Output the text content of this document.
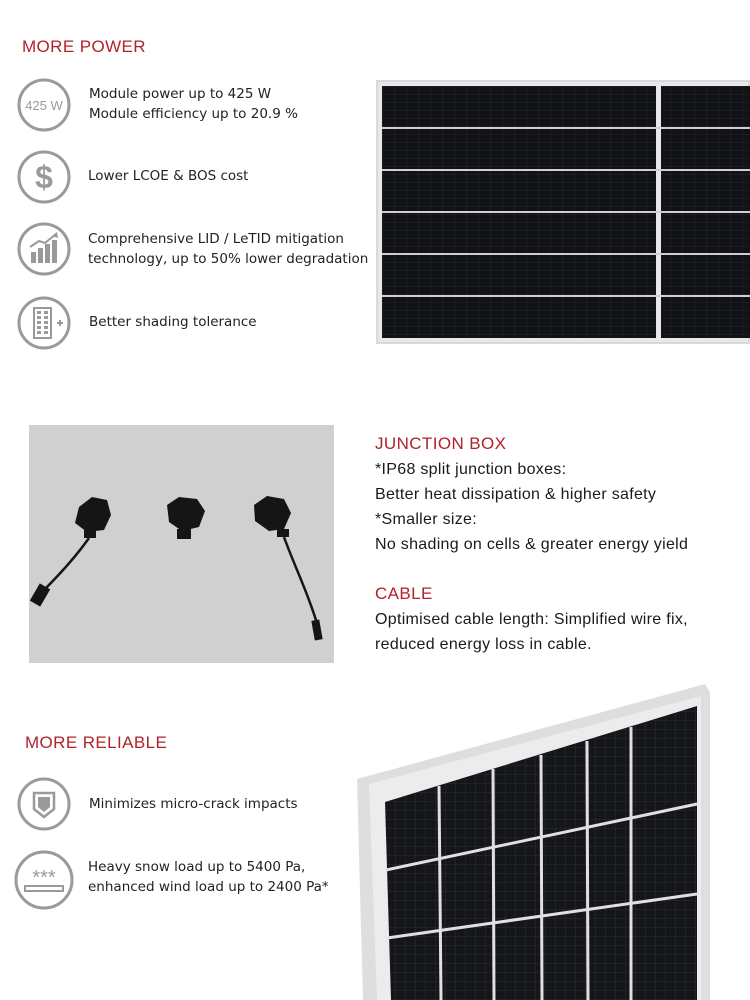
MORE POWER
425 W
Module power up to 425 W
Module efficiency up to 20.9 %
$	Lower LCOE & BOS cost
Comprehensive LID / LeTID mitigation
technology, up to 50% lower degradation
Better shading tolerance
JUNCTION BOX
*IP68 split junction boxes:
Better heat dissipation & higher safety
*Smaller size:
No shading on cells & greater energy yield
CABLE
Optimised cable length: Simplified wire fix,
reduced energy loss in cable.
MORE RELIABLE
Minimizes micro-crack impacts
*** Heavy snow load up to 5400 Pa,
enhanced wind load up to 2400 Pa*
